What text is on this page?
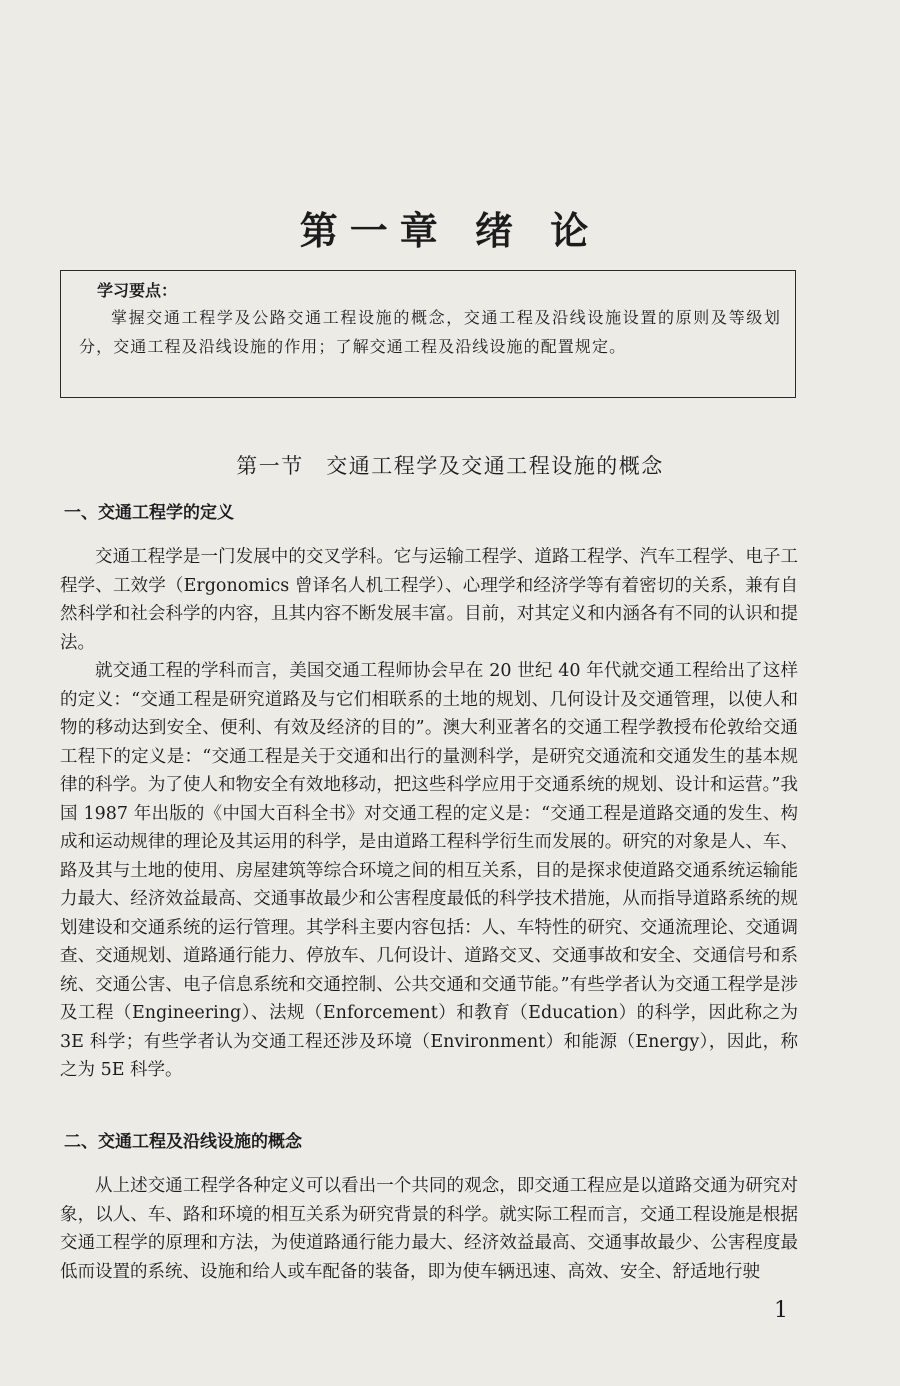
第一章 绪 论
学习要点：
掌握交通工程学及公路交通工程设施的概念，交通工程及沿线设施设置的原则及等级划分，交通工程及沿线设施的作用；了解交通工程及沿线设施的配置规定。
第一节　交通工程学及交通工程设施的概念
一、交通工程学的定义
交通工程学是一门发展中的交叉学科。它与运输工程学、道路工程学、汽车工程学、电子工程学、工效学（Ergonomics 曾译名人机工程学）、心理学和经济学等有着密切的关系，兼有自然科学和社会科学的内容，且其内容不断发展丰富。目前，对其定义和内涵各有不同的认识和提法。
就交通工程的学科而言，美国交通工程师协会早在 20 世纪 40 年代就交通工程给出了这样的定义：“交通工程是研究道路及与它们相联系的土地的规划、几何设计及交通管理，以使人和物的移动达到安全、便利、有效及经济的目的”。澳大利亚著名的交通工程学教授布伦敦给交通工程下的定义是：“交通工程是关于交通和出行的量测科学，是研究交通流和交通发生的基本规律的科学。为了使人和物安全有效地移动，把这些科学应用于交通系统的规划、设计和运营。”我国 1987 年出版的《中国大百科全书》对交通工程的定义是：“交通工程是道路交通的发生、构成和运动规律的理论及其运用的科学，是由道路工程科学衍生而发展的。研究的对象是人、车、路及其与土地的使用、房屋建筑等综合环境之间的相互关系，目的是探求使道路交通系统运输能力最大、经济效益最高、交通事故最少和公害程度最低的科学技术措施，从而指导道路系统的规划建设和交通系统的运行管理。其学科主要内容包括：人、车特性的研究、交通流理论、交通调查、交通规划、道路通行能力、停放车、几何设计、道路交叉、交通事故和安全、交通信号和系统、交通公害、电子信息系统和交通控制、公共交通和交通节能。”有些学者认为交通工程学是涉及工程（Engineering）、法规（Enforcement）和教育（Education）的科学，因此称之为 3E 科学；有些学者认为交通工程还涉及环境（Environment）和能源（Energy），因此，称之为 5E 科学。
二、交通工程及沿线设施的概念
从上述交通工程学各种定义可以看出一个共同的观念，即交通工程应是以道路交通为研究对象，以人、车、路和环境的相互关系为研究背景的科学。就实际工程而言，交通工程设施是根据交通工程学的原理和方法，为使道路通行能力最大、经济效益最高、交通事故最少、公害程度最低而设置的系统、设施和给人或车配备的装备，即为使车辆迅速、高效、安全、舒适地行驶
1
